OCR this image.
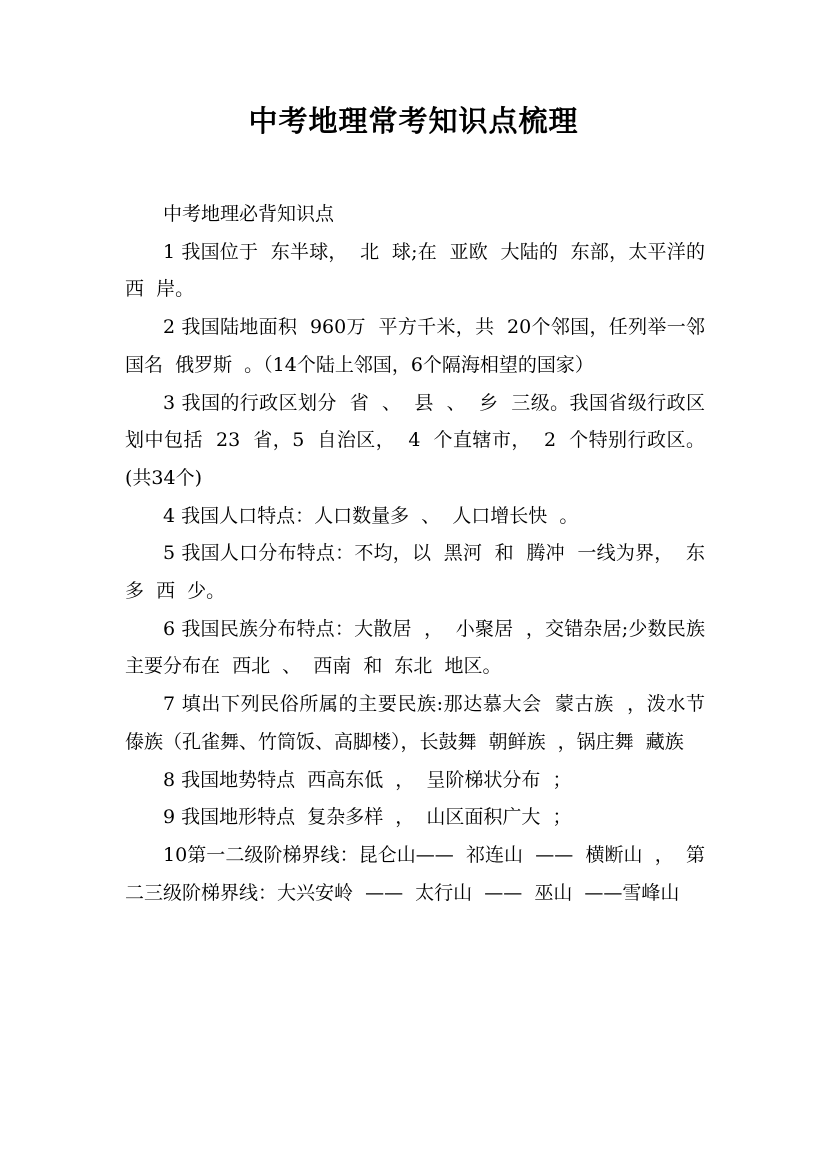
中考地理常考知识点梳理

中考地理必背知识点

1 我国位于  东半球，  北  球;在  亚欧  大陆的  东部，太平洋的  西  岸。

2 我国陆地面积  960万  平方千米，共  20个邻国，任列举一邻国名  俄罗斯  。（14个陆上邻国，6个隔海相望的国家）

3 我国的行政区划分  省  、  县  、  乡  三级。我国省级行政区划中包括  23  省，5  自治区，  4  个直辖市，  2  个特别行政区。(共34个)

4 我国人口特点：人口数量多  、  人口增长快  。

5 我国人口分布特点：不均，以  黑河  和  腾冲  一线为界，  东  多  西  少。

6 我国民族分布特点：大散居  ，  小聚居  ，交错杂居;少数民族主要分布在  西北  、  西南  和  东北  地区。

7 填出下列民俗所属的主要民族:那达慕大会  蒙古族  ，泼水节  傣族（孔雀舞、竹筒饭、高脚楼），长鼓舞  朝鲜族  ，锅庄舞  藏族

8 我国地势特点  西高东低  ，  呈阶梯状分布  ；

9 我国地形特点  复杂多样  ，  山区面积广大  ；

10第一二级阶梯界线：昆仑山——  祁连山  ——  横断山  ，  第二三级阶梯界线：大兴安岭  ——  太行山  ——  巫山  ——雪峰山
